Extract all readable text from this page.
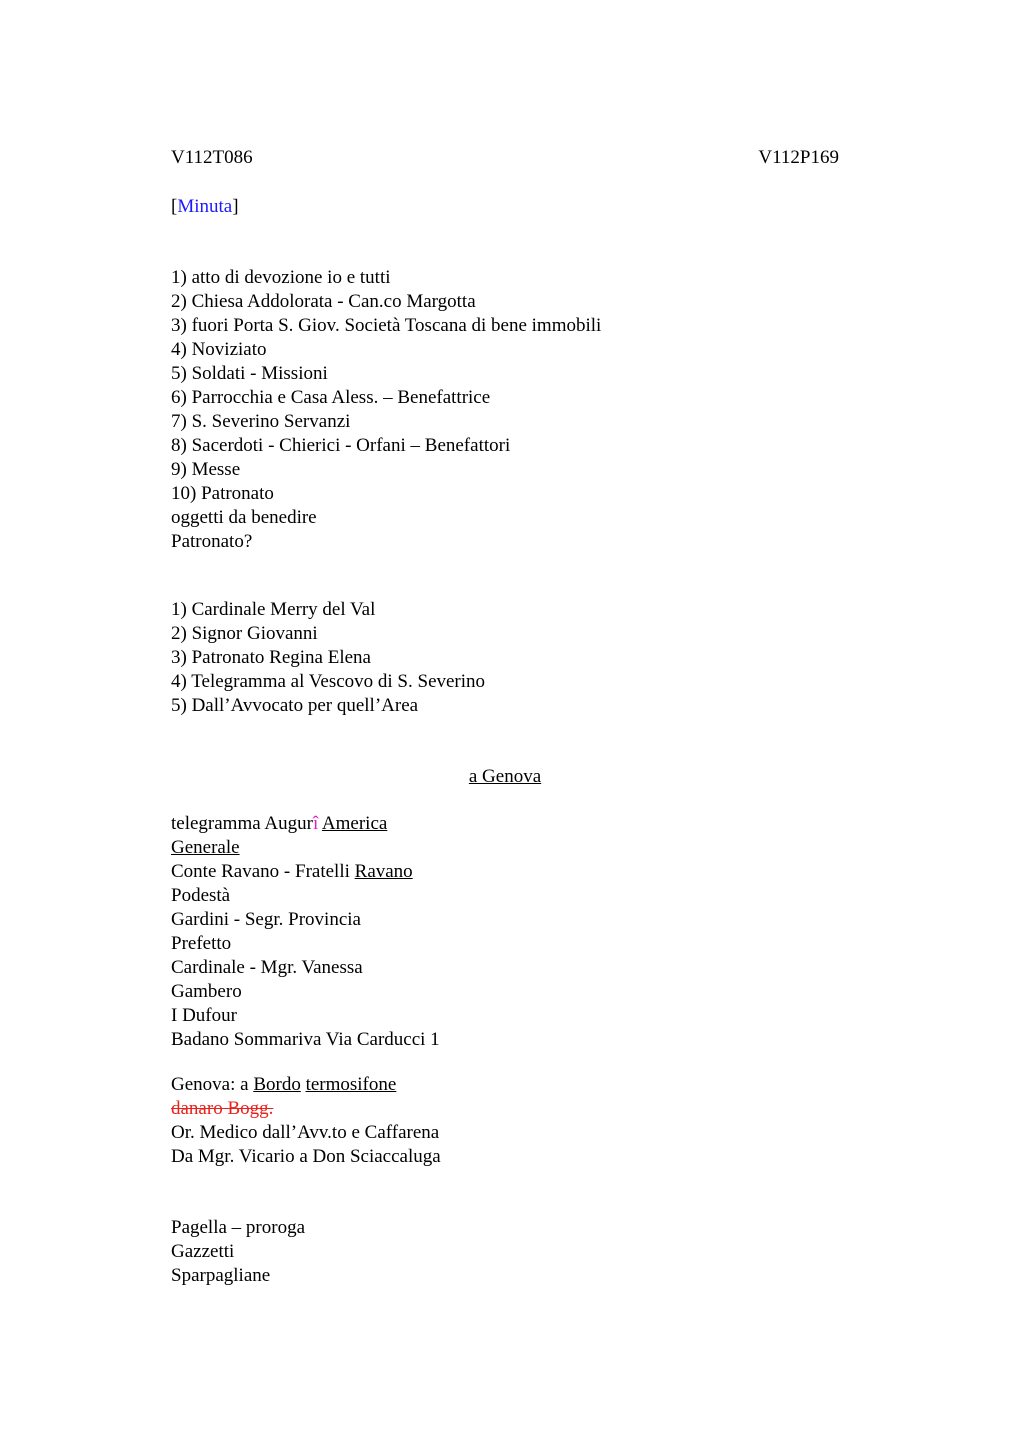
V112T086	V112P169
[Minuta]
1) atto di devozione io e tutti
2) Chiesa Addolorata - Can.co Margotta
3) fuori Porta S. Giov. Società Toscana di bene immobili
4) Noviziato
5) Soldati - Missioni
6) Parrocchia e Casa Aless. – Benefattrice
7) S. Severino Servanzi
8) Sacerdoti - Chierici - Orfani – Benefattori
9) Messe
10) Patronato
oggetti da benedire
Patronato?
1) Cardinale Merry del Val
2) Signor Giovanni
3) Patronato Regina Elena
4) Telegramma al Vescovo di S. Severino
5) Dall’Avvocato per quell’Area
a Genova
telegramma Augurî America
Generale
Conte Ravano - Fratelli Ravano
Podestà
Gardini - Segr. Provincia
Prefetto
Cardinale - Mgr. Vanessa
Gambero
I Dufour
Badano Sommariva Via Carducci 1
Genova: a Bordo termosifone
danaro Bogg.
Or. Medico dall’Avv.to e Caffarena
Da Mgr. Vicario a Don Sciaccaluga
Pagella – proroga
Gazzetti
Sparpagliane
